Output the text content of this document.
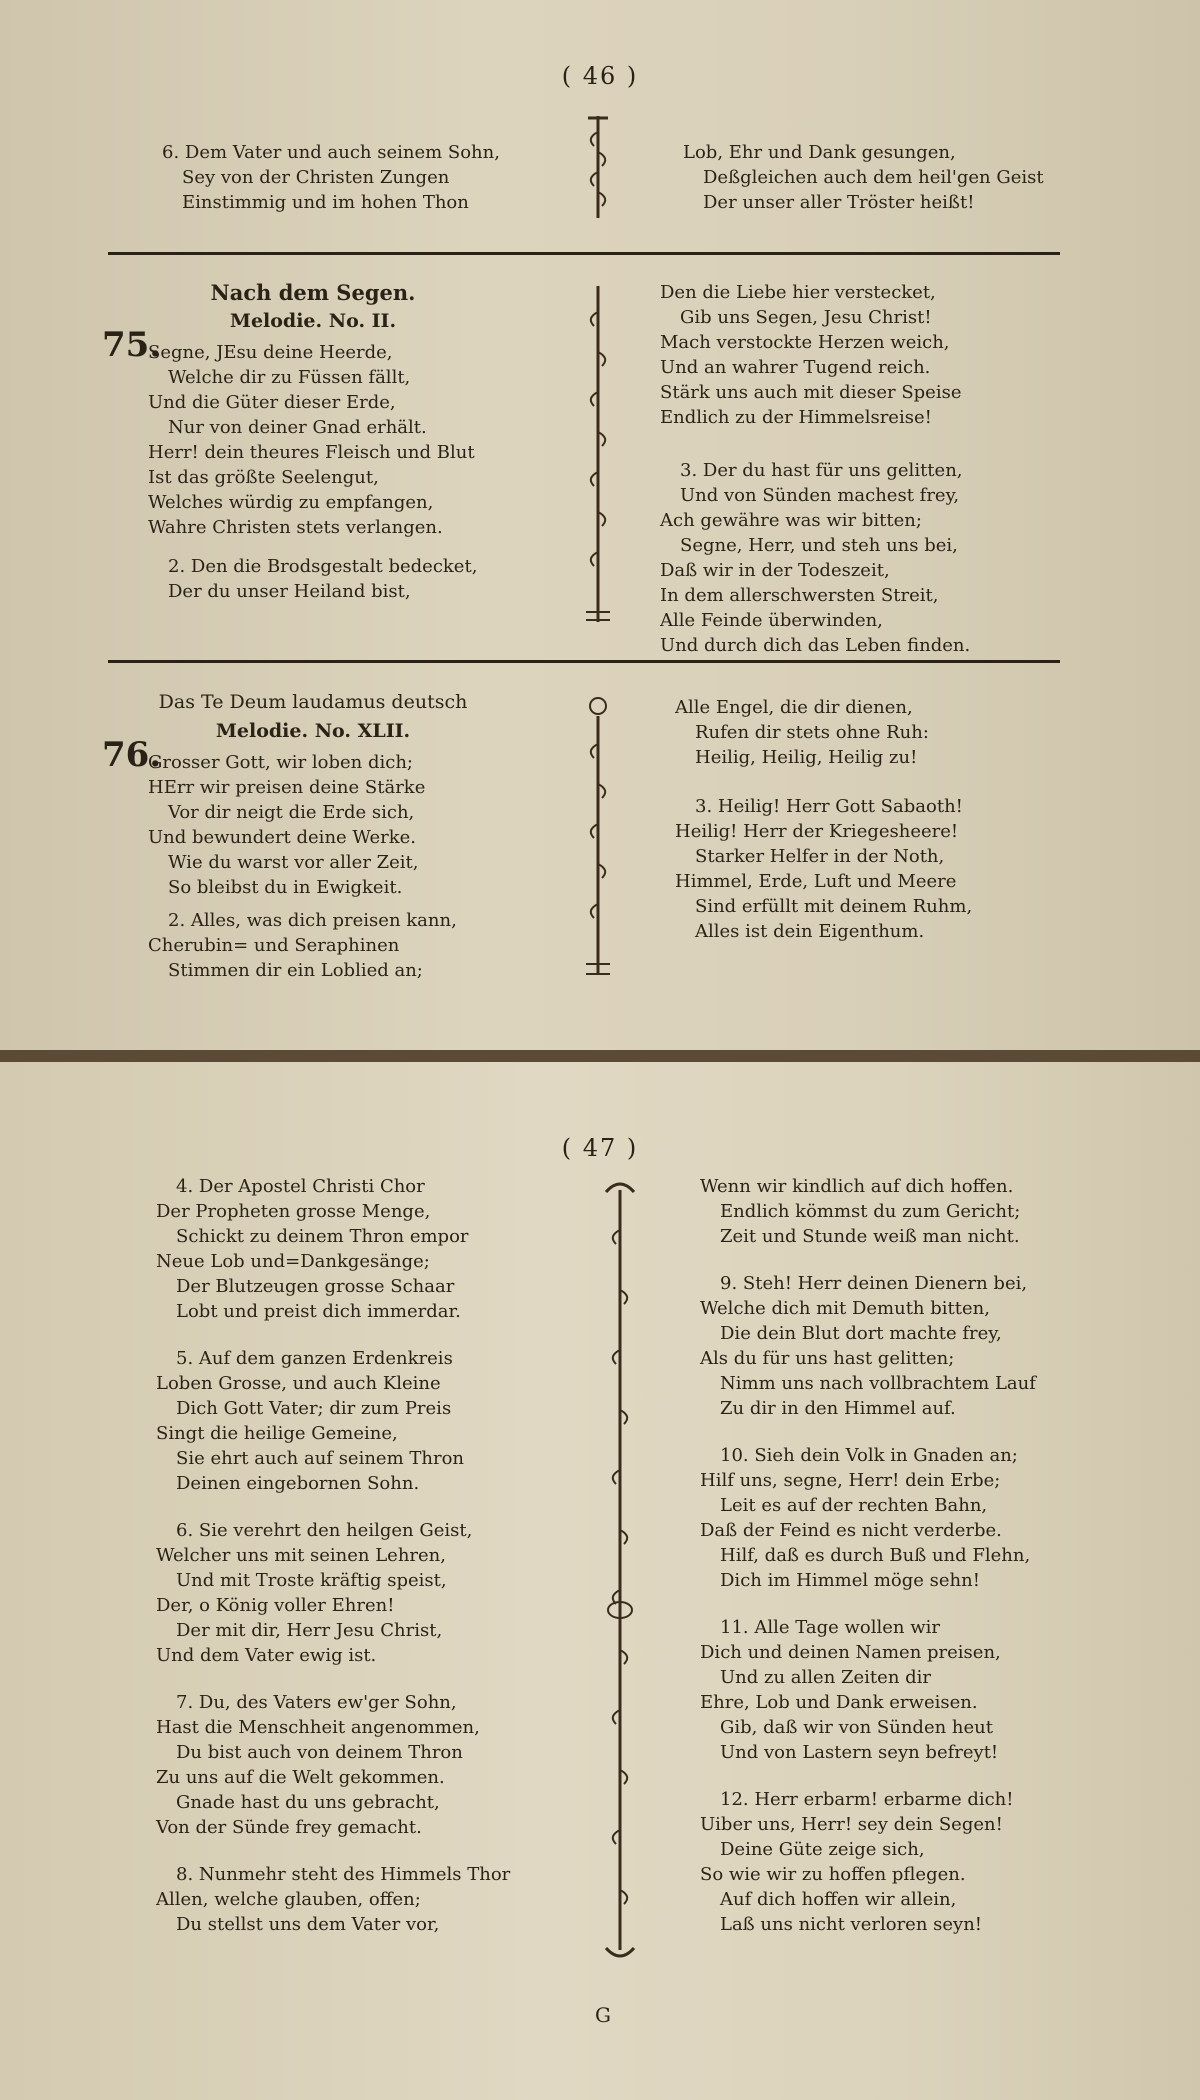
( 46 )
6. Dem Vater und auch seinem Sohn,
Sey von der Christen Zungen
Einstimmig und im hohen Thon
Lob, Ehr und Dank gesungen,
Deßgleichen auch dem heil'gen Geist
Der unser aller Tröster heißt!
Nach dem Segen.
Melodie. No. II.
75.
Segne, JEsu deine Heerde,
Welche dir zu Füssen fällt,
Und die Güter dieser Erde,
Nur von deiner Gnad erhält.
Herr! dein theures Fleisch und Blut
Ist das größte Seelengut,
Welches würdig zu empfangen,
Wahre Christen stets verlangen.
2. Den die Brodsgestalt bedecket,
Der du unser Heiland bist,
Den die Liebe hier verstecket,
Gib uns Segen, Jesu Christ!
Mach verstockte Herzen weich,
Und an wahrer Tugend reich.
Stärk uns auch mit dieser Speise
Endlich zu der Himmelsreise!
3. Der du hast für uns gelitten,
Und von Sünden machest frey,
Ach gewähre was wir bitten;
Segne, Herr, und steh uns bei,
Daß wir in der Todeszeit,
In dem allerschwersten Streit,
Alle Feinde überwinden,
Und durch dich das Leben finden.
Das Te Deum laudamus deutsch
Melodie. No. XLII.
76.
Grosser Gott, wir loben dich;
HErr wir preisen deine Stärke
Vor dir neigt die Erde sich,
Und bewundert deine Werke.
Wie du warst vor aller Zeit,
So bleibst du in Ewigkeit.
2. Alles, was dich preisen kann,
Cherubin= und Seraphinen
Stimmen dir ein Loblied an;
Alle Engel, die dir dienen,
Rufen dir stets ohne Ruh:
Heilig, Heilig, Heilig zu!
3. Heilig! Herr Gott Sabaoth!
Heilig! Herr der Kriegesheere!
Starker Helfer in der Noth,
Himmel, Erde, Luft und Meere
Sind erfüllt mit deinem Ruhm,
Alles ist dein Eigenthum.
( 47 )
4. Der Apostel Christi Chor
Der Propheten grosse Menge,
Schickt zu deinem Thron empor
Neue Lob und=Dankgesänge;
Der Blutzeugen grosse Schaar
Lobt und preist dich immerdar.
5. Auf dem ganzen Erdenkreis
Loben Grosse, und auch Kleine
Dich Gott Vater; dir zum Preis
Singt die heilige Gemeine,
Sie ehrt auch auf seinem Thron
Deinen eingebornen Sohn.
6. Sie verehrt den heilgen Geist,
Welcher uns mit seinen Lehren,
Und mit Troste kräftig speist,
Der, o König voller Ehren!
Der mit dir, Herr Jesu Christ,
Und dem Vater ewig ist.
7. Du, des Vaters ew'ger Sohn,
Hast die Menschheit angenommen,
Du bist auch von deinem Thron
Zu uns auf die Welt gekommen.
Gnade hast du uns gebracht,
Von der Sünde frey gemacht.
8. Nunmehr steht des Himmels Thor
Allen, welche glauben, offen;
Du stellst uns dem Vater vor,
Wenn wir kindlich auf dich hoffen.
Endlich kömmst du zum Gericht;
Zeit und Stunde weiß man nicht.
9. Steh! Herr deinen Dienern bei,
Welche dich mit Demuth bitten,
Die dein Blut dort machte frey,
Als du für uns hast gelitten;
Nimm uns nach vollbrachtem Lauf
Zu dir in den Himmel auf.
10. Sieh dein Volk in Gnaden an;
Hilf uns, segne, Herr! dein Erbe;
Leit es auf der rechten Bahn,
Daß der Feind es nicht verderbe.
Hilf, daß es durch Buß und Flehn,
Dich im Himmel möge sehn!
11. Alle Tage wollen wir
Dich und deinen Namen preisen,
Und zu allen Zeiten dir
Ehre, Lob und Dank erweisen.
Gib, daß wir von Sünden heut
Und von Lastern seyn befreyt!
12. Herr erbarm! erbarme dich!
Uiber uns, Herr! sey dein Segen!
Deine Güte zeige sich,
So wie wir zu hoffen pflegen.
Auf dich hoffen wir allein,
Laß uns nicht verloren seyn!
G
